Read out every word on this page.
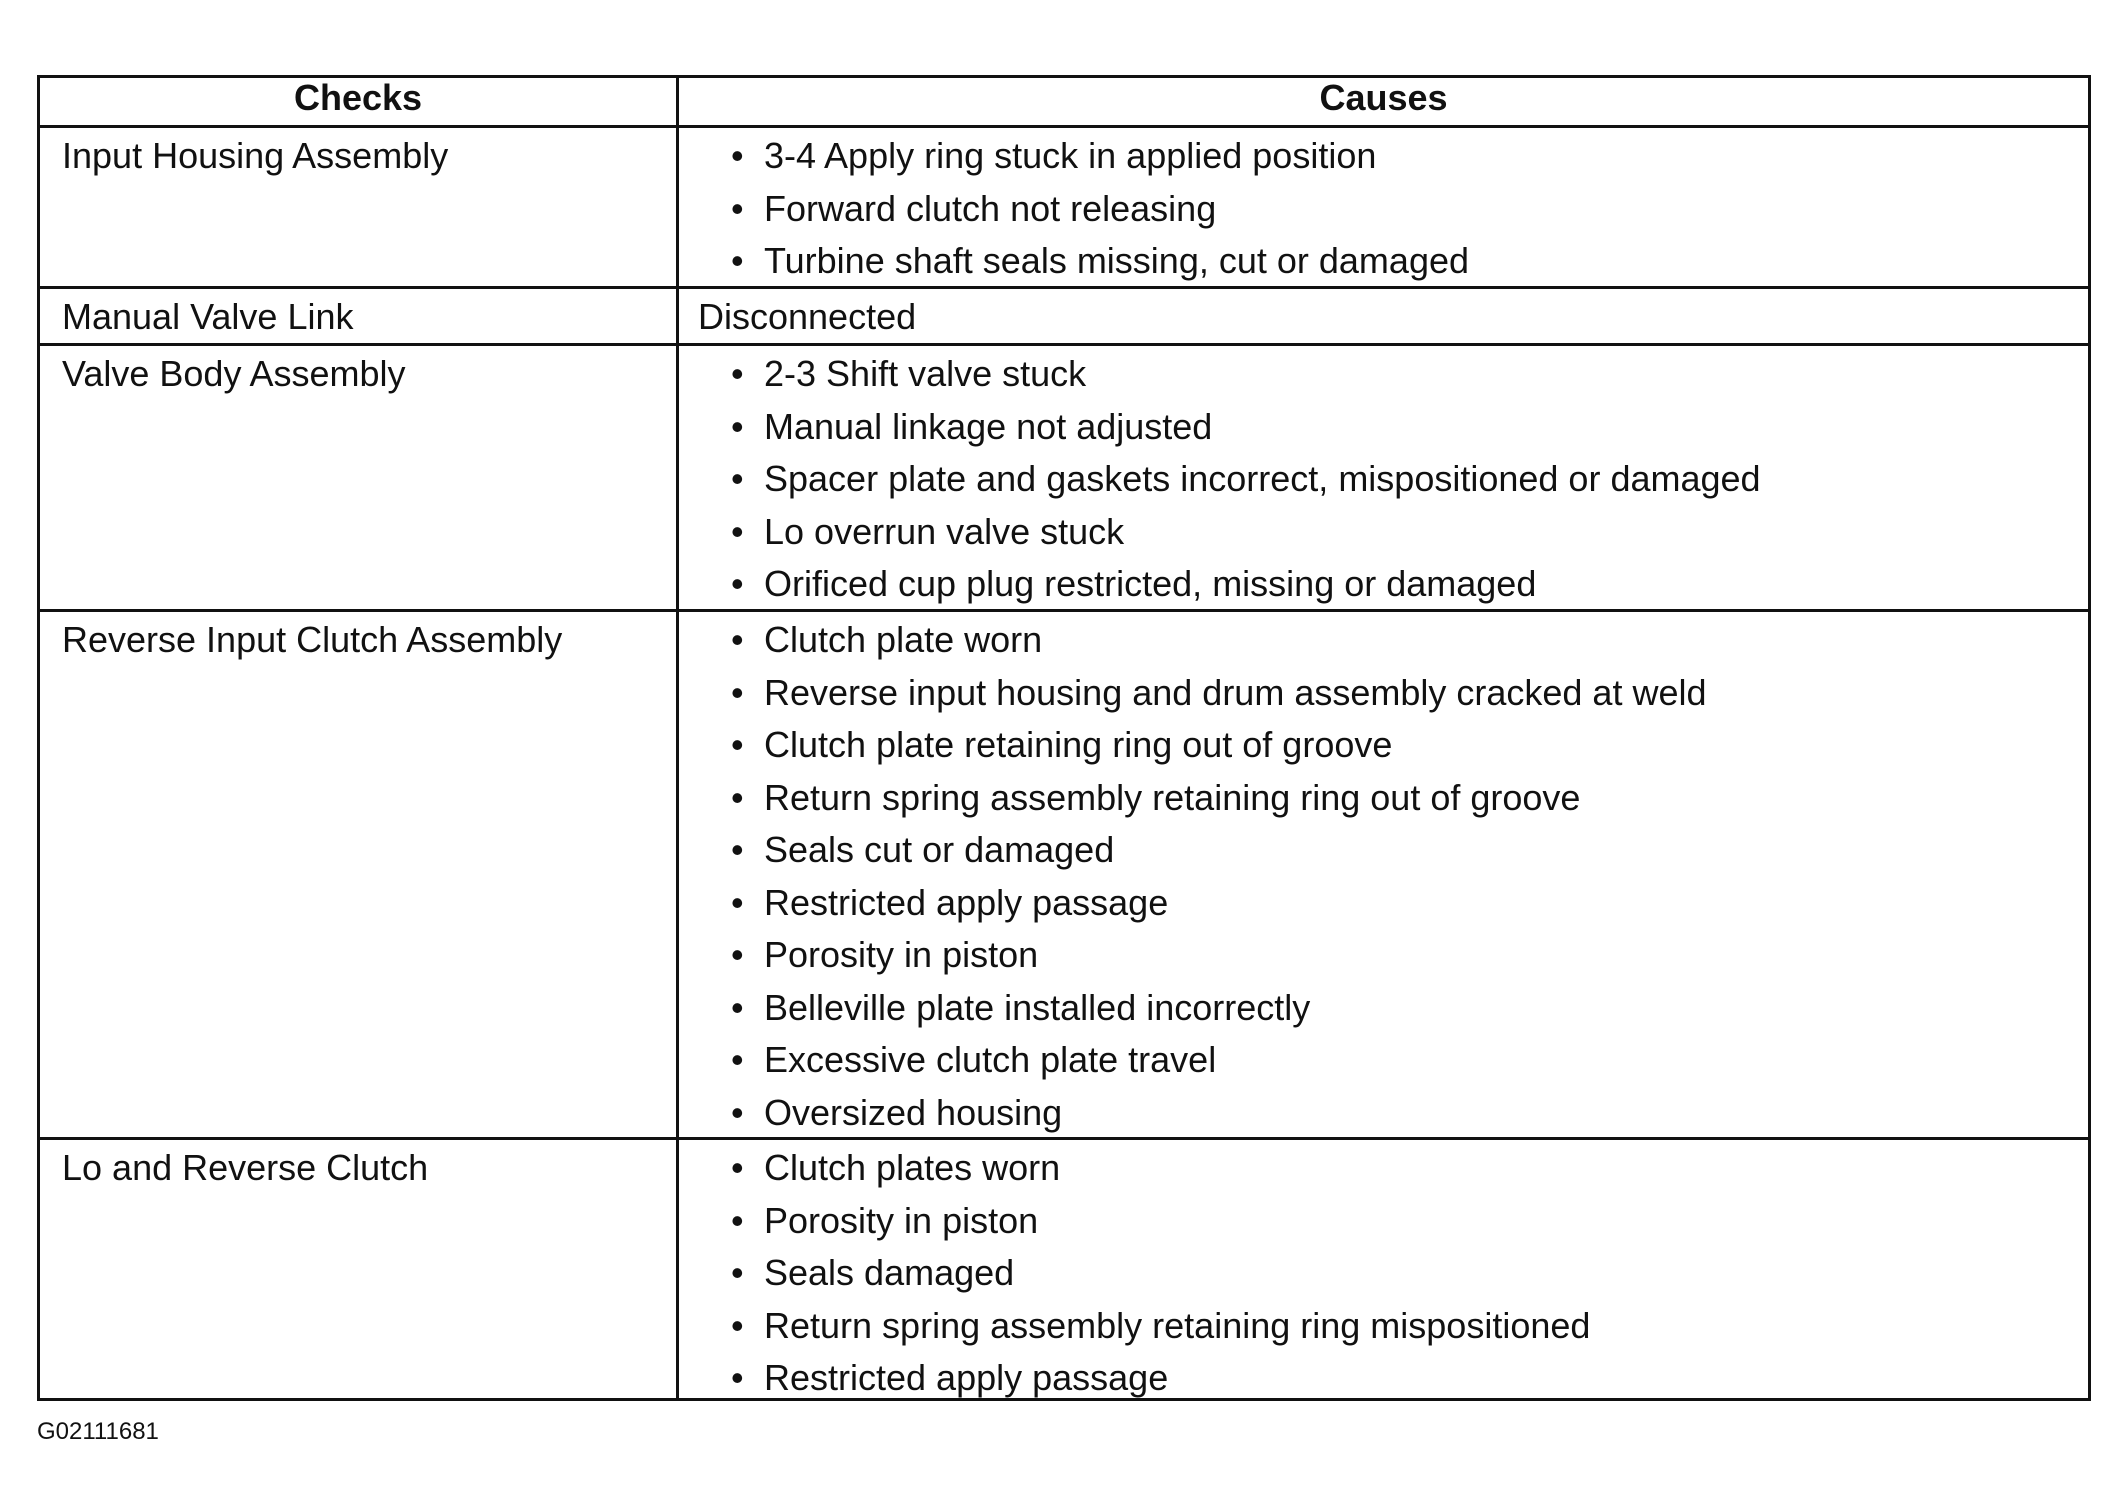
Checks	Causes
Input Housing Assembly	• 3-4 Apply ring stuck in applied position
• Forward clutch not releasing
• Turbine shaft seals missing, cut or damaged
Manual Valve Link	Disconnected
Valve Body Assembly	• 2-3 Shift valve stuck
• Manual linkage not adjusted
• Spacer plate and gaskets incorrect, mispositioned or damaged
• Lo overrun valve stuck
• Orificed cup plug restricted, missing or damaged
Reverse Input Clutch Assembly	• Clutch plate worn
• Reverse input housing and drum assembly cracked at weld
• Clutch plate retaining ring out of groove
• Return spring assembly retaining ring out of groove
• Seals cut or damaged
• Restricted apply passage
• Porosity in piston
• Belleville plate installed incorrectly
• Excessive clutch plate travel
• Oversized housing
Lo and Reverse Clutch	• Clutch plates worn
• Porosity in piston
• Seals damaged
• Return spring assembly retaining ring mispositioned
• Restricted apply passage
G02111681
